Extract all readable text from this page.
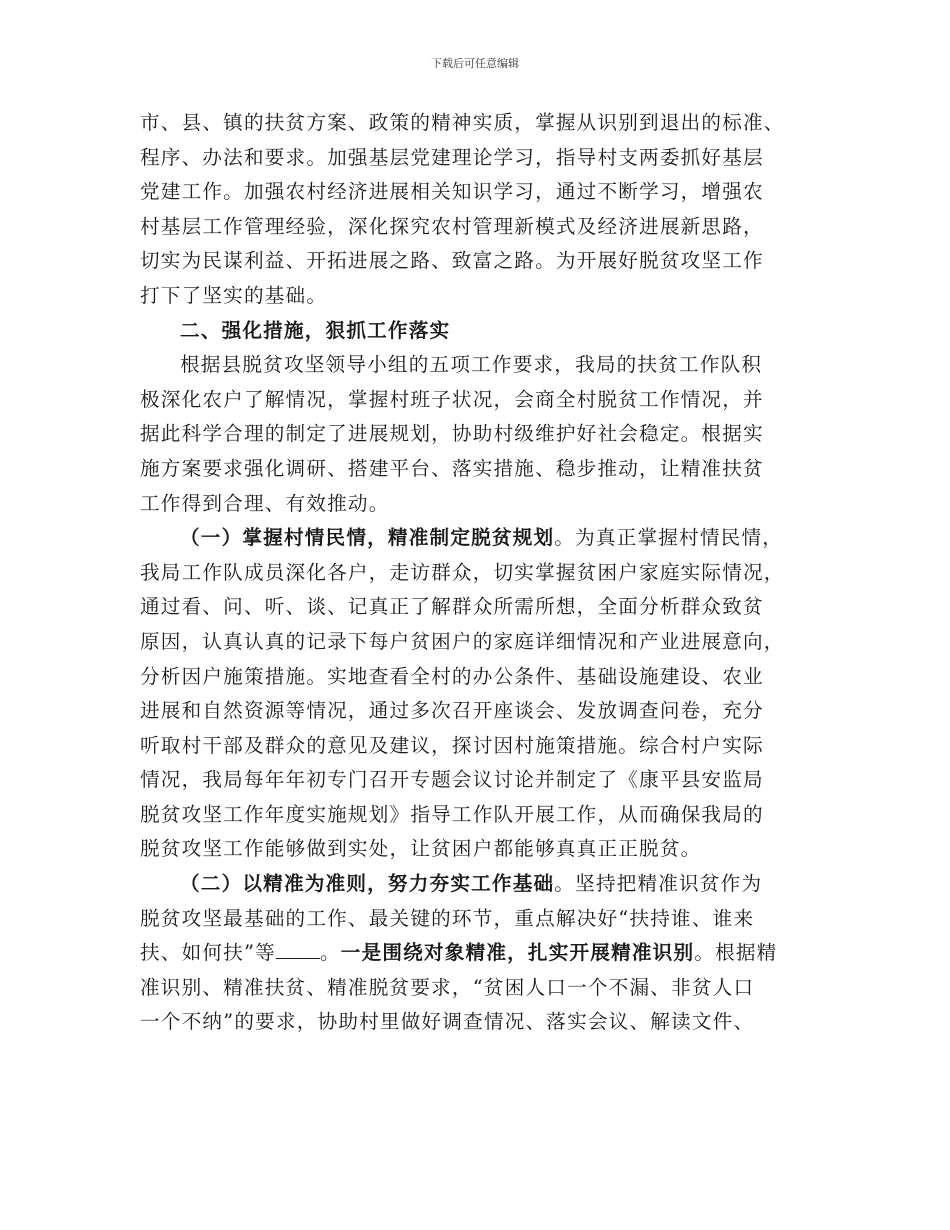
下载后可任意编辑
市、县、镇的扶贫方案、政策的精神实质，掌握从识别到退出的标准、
程序、办法和要求。加强基层党建理论学习，指导村支两委抓好基层
党建工作。加强农村经济进展相关知识学习，通过不断学习，增强农
村基层工作管理经验，深化探究农村管理新模式及经济进展新思路，
切实为民谋利益、开拓进展之路、致富之路。为开展好脱贫攻坚工作
打下了坚实的基础。
二、强化措施，狠抓工作落实
根据县脱贫攻坚领导小组的五项工作要求，我局的扶贫工作队积
极深化农户了解情况，掌握村班子状况，会商全村脱贫工作情况，并
据此科学合理的制定了进展规划，协助村级维护好社会稳定。根据实
施方案要求强化调研、搭建平台、落实措施、稳步推动，让精准扶贫
工作得到合理、有效推动。
（一）掌握村情民情，精准制定脱贫规划。为真正掌握村情民情，
我局工作队成员深化各户，走访群众，切实掌握贫困户家庭实际情况，
通过看、问、听、谈、记真正了解群众所需所想，全面分析群众致贫
原因，认真认真的记录下每户贫困户的家庭详细情况和产业进展意向，
分析因户施策措施。实地查看全村的办公条件、基础设施建设、农业
进展和自然资源等情况，通过多次召开座谈会、发放调查问卷，充分
听取村干部及群众的意见及建议，探讨因村施策措施。综合村户实际
情况，我局每年年初专门召开专题会议讨论并制定了《康平县安监局
脱贫攻坚工作年度实施规划》指导工作队开展工作，从而确保我局的
脱贫攻坚工作能够做到实处，让贫困户都能够真真正正脱贫。
（二）以精准为准则，努力夯实工作基础。坚持把精准识贫作为
脱贫攻坚最基础的工作、最关键的环节，重点解决好“扶持谁、谁来
扶、如何扶”等 。一是围绕对象精准，扎实开展精准识别。根据精
准识别、精准扶贫、精准脱贫要求，“贫困人口一个不漏、非贫人口
一个不纳”的要求，协助村里做好调查情况、落实会议、解读文件、
